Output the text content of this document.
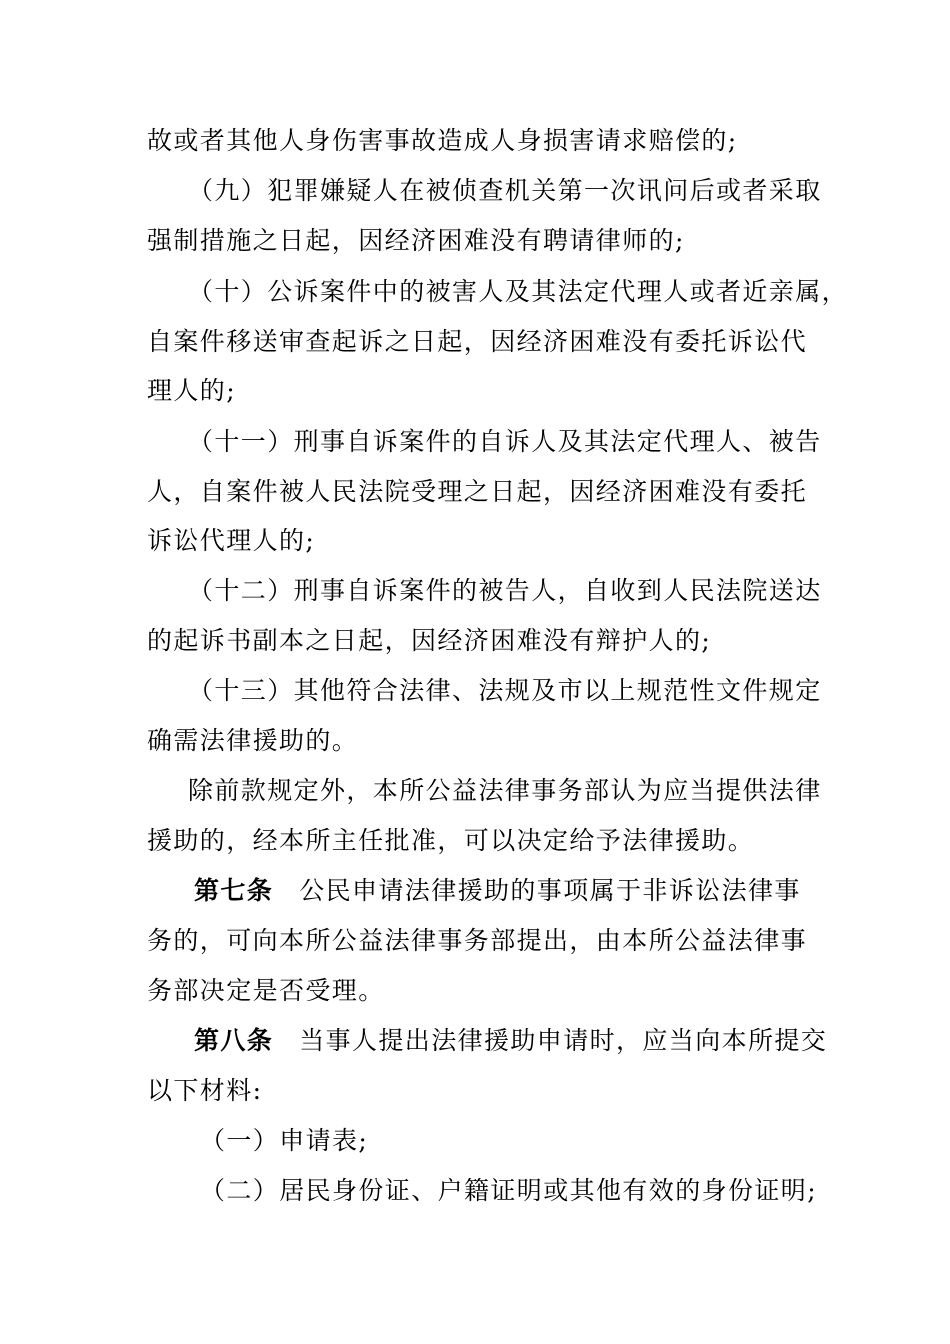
故或者其他人身伤害事故造成人身损害请求赔偿的;
（九）犯罪嫌疑人在被侦查机关第一次讯问后或者采取
强制措施之日起，因经济困难没有聘请律师的;
（十）公诉案件中的被害人及其法定代理人或者近亲属，
自案件移送审查起诉之日起，因经济困难没有委托诉讼代
理人的;
（十一）刑事自诉案件的自诉人及其法定代理人、被告
人，自案件被人民法院受理之日起，因经济困难没有委托
诉讼代理人的;
（十二）刑事自诉案件的被告人，自收到人民法院送达
的起诉书副本之日起，因经济困难没有辩护人的;
（十三）其他符合法律、法规及市以上规范性文件规定
确需法律援助的。
除前款规定外，本所公益法律事务部认为应当提供法律
援助的，经本所主任批准，可以决定给予法律援助。
第七条 公民申请法律援助的事项属于非诉讼法律事
务的，可向本所公益法律事务部提出，由本所公益法律事
务部决定是否受理。
第八条 当事人提出法律援助申请时，应当向本所提交
以下材料:
（一）申请表;
（二）居民身份证、户籍证明或其他有效的身份证明;
